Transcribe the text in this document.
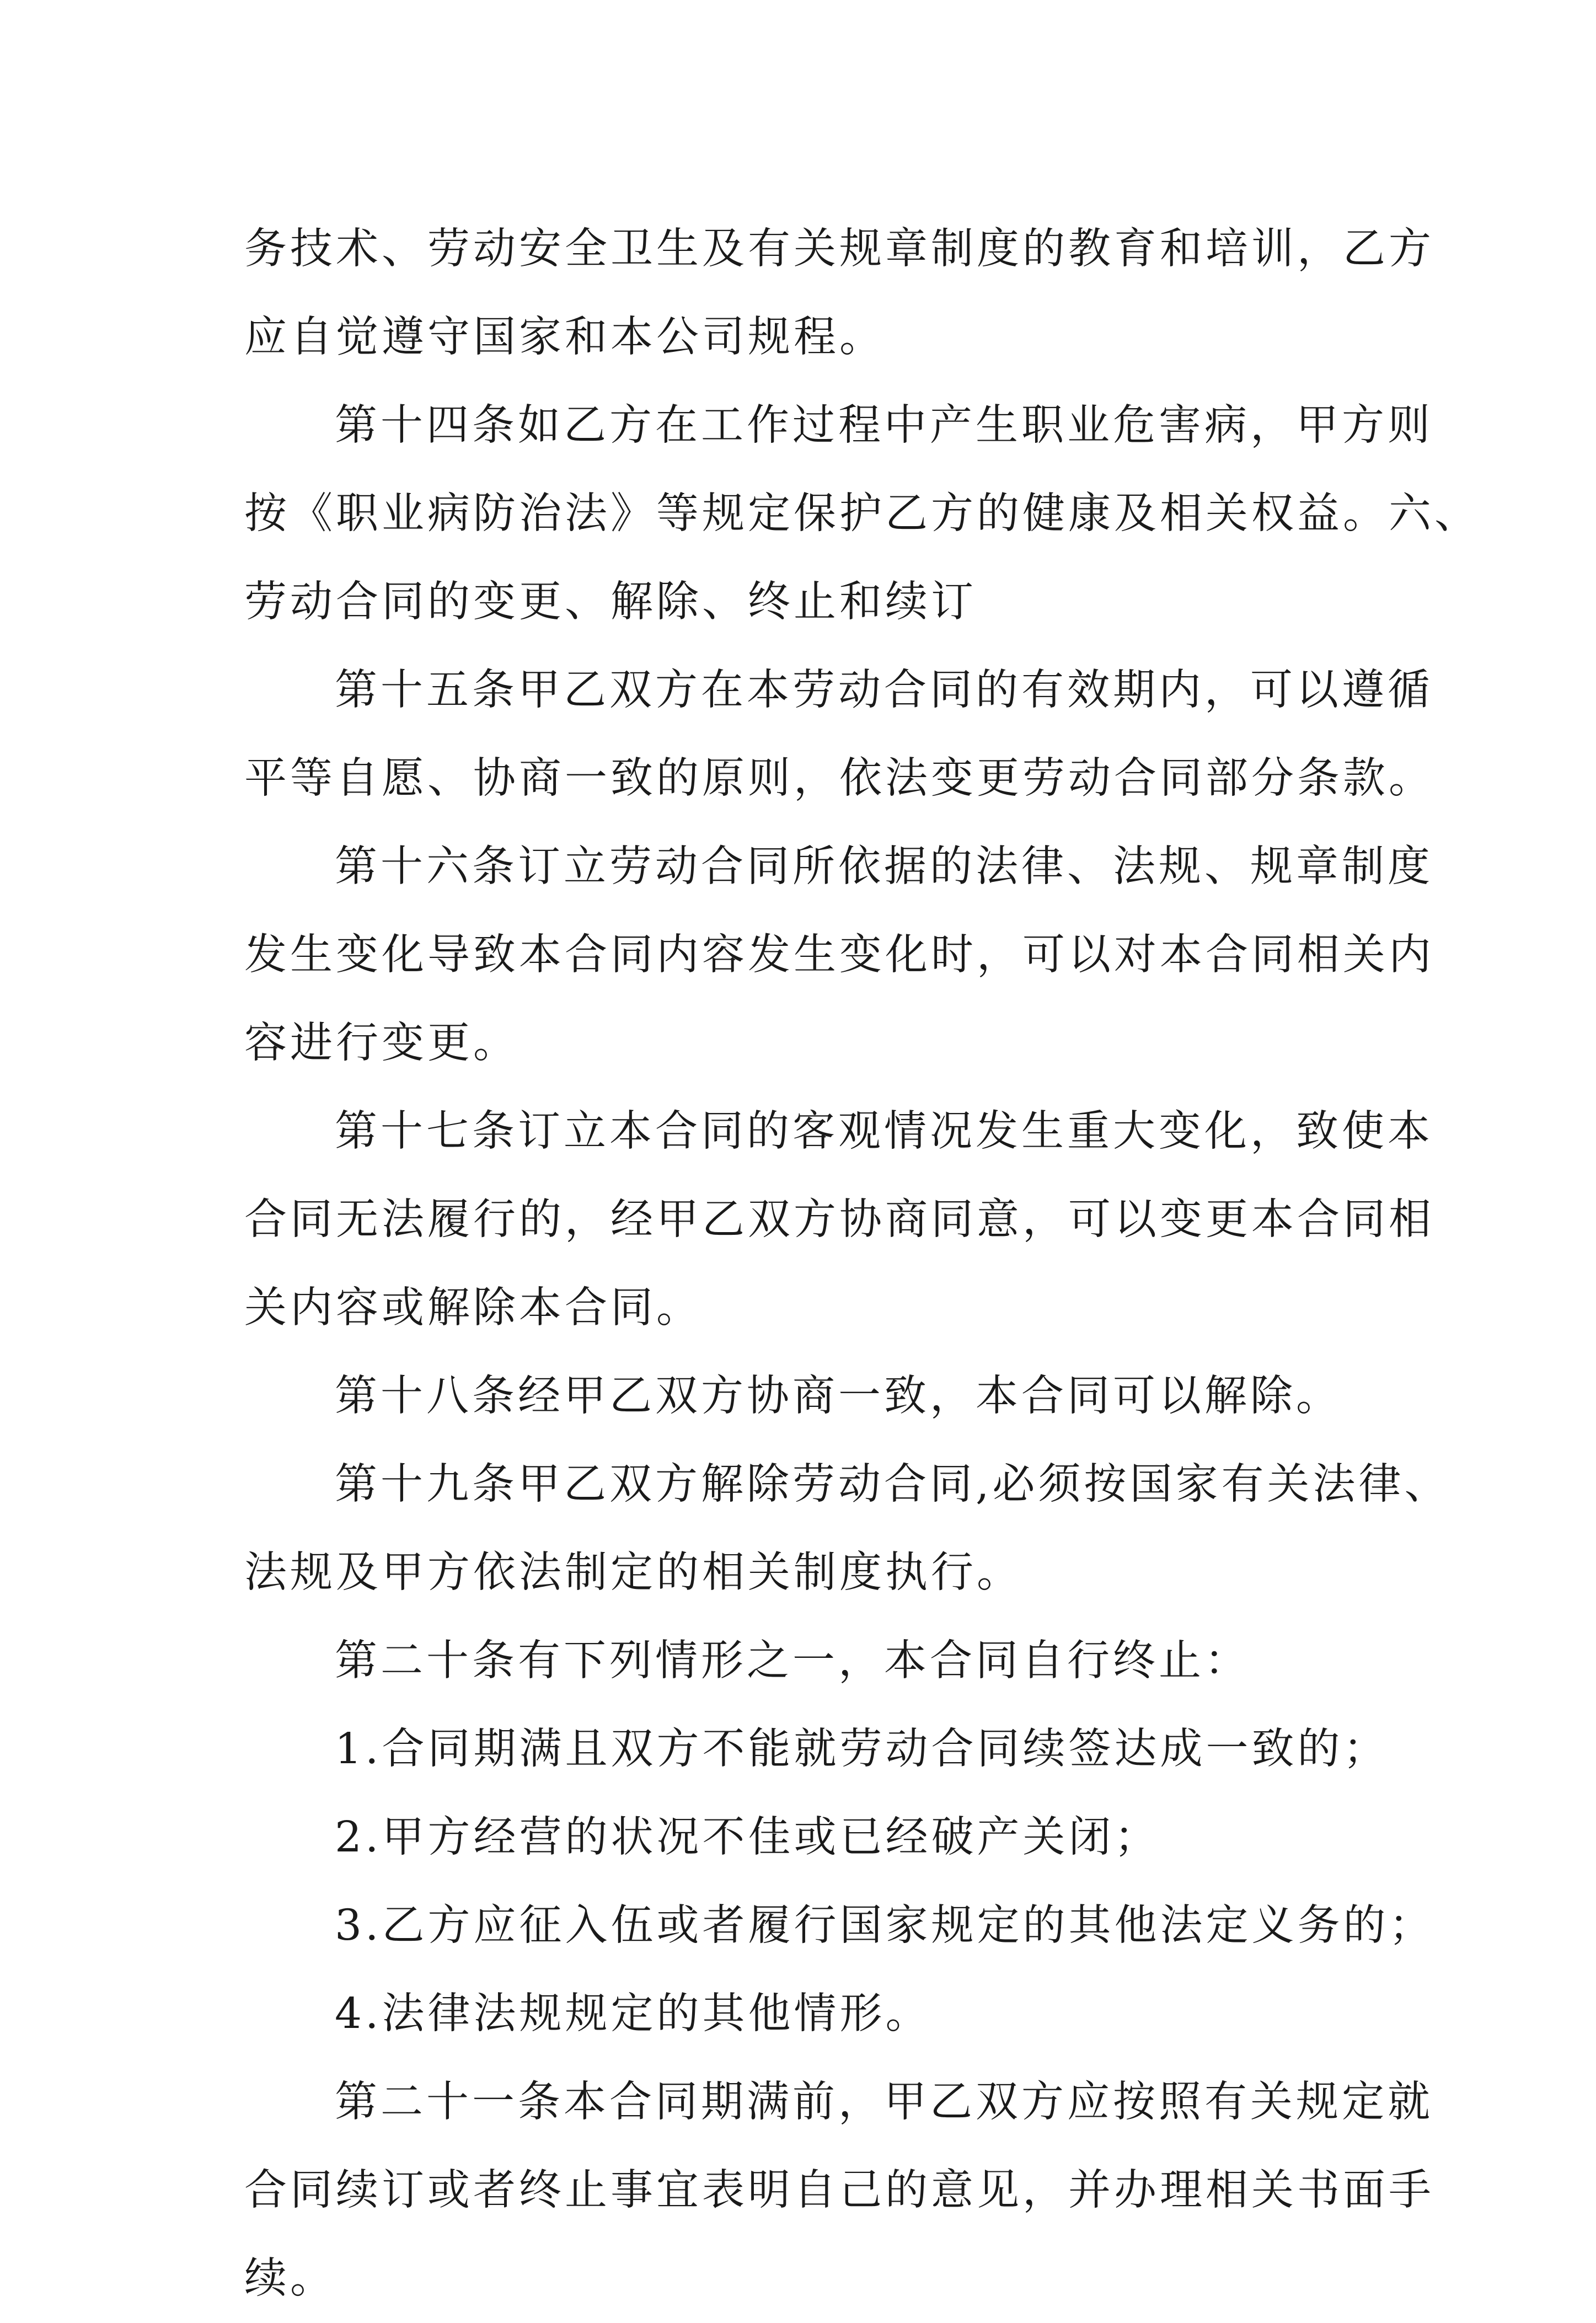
务技术、劳动安全卫生及有关规章制度的教育和培训，乙方
应自觉遵守国家和本公司规程。
第十四条如乙方在工作过程中产生职业危害病，甲方则
按《职业病防治法》等规定保护乙方的健康及相关权益。六、
劳动合同的变更、解除、终止和续订
第十五条甲乙双方在本劳动合同的有效期内，可以遵循
平等自愿、协商一致的原则，依法变更劳动合同部分条款。
第十六条订立劳动合同所依据的法律、法规、规章制度
发生变化导致本合同内容发生变化时，可以对本合同相关内
容进行变更。
第十七条订立本合同的客观情况发生重大变化，致使本
合同无法履行的，经甲乙双方协商同意，可以变更本合同相
关内容或解除本合同。
第十八条经甲乙双方协商一致，本合同可以解除。
第十九条甲乙双方解除劳动合同,必须按国家有关法律、
法规及甲方依法制定的相关制度执行。
第二十条有下列情形之一，本合同自行终止：
1.合同期满且双方不能就劳动合同续签达成一致的；
2.甲方经营的状况不佳或已经破产关闭；
3.乙方应征入伍或者履行国家规定的其他法定义务的；
4.法律法规规定的其他情形。
第二十一条本合同期满前，甲乙双方应按照有关规定就
合同续订或者终止事宜表明自己的意见，并办理相关书面手
续。
